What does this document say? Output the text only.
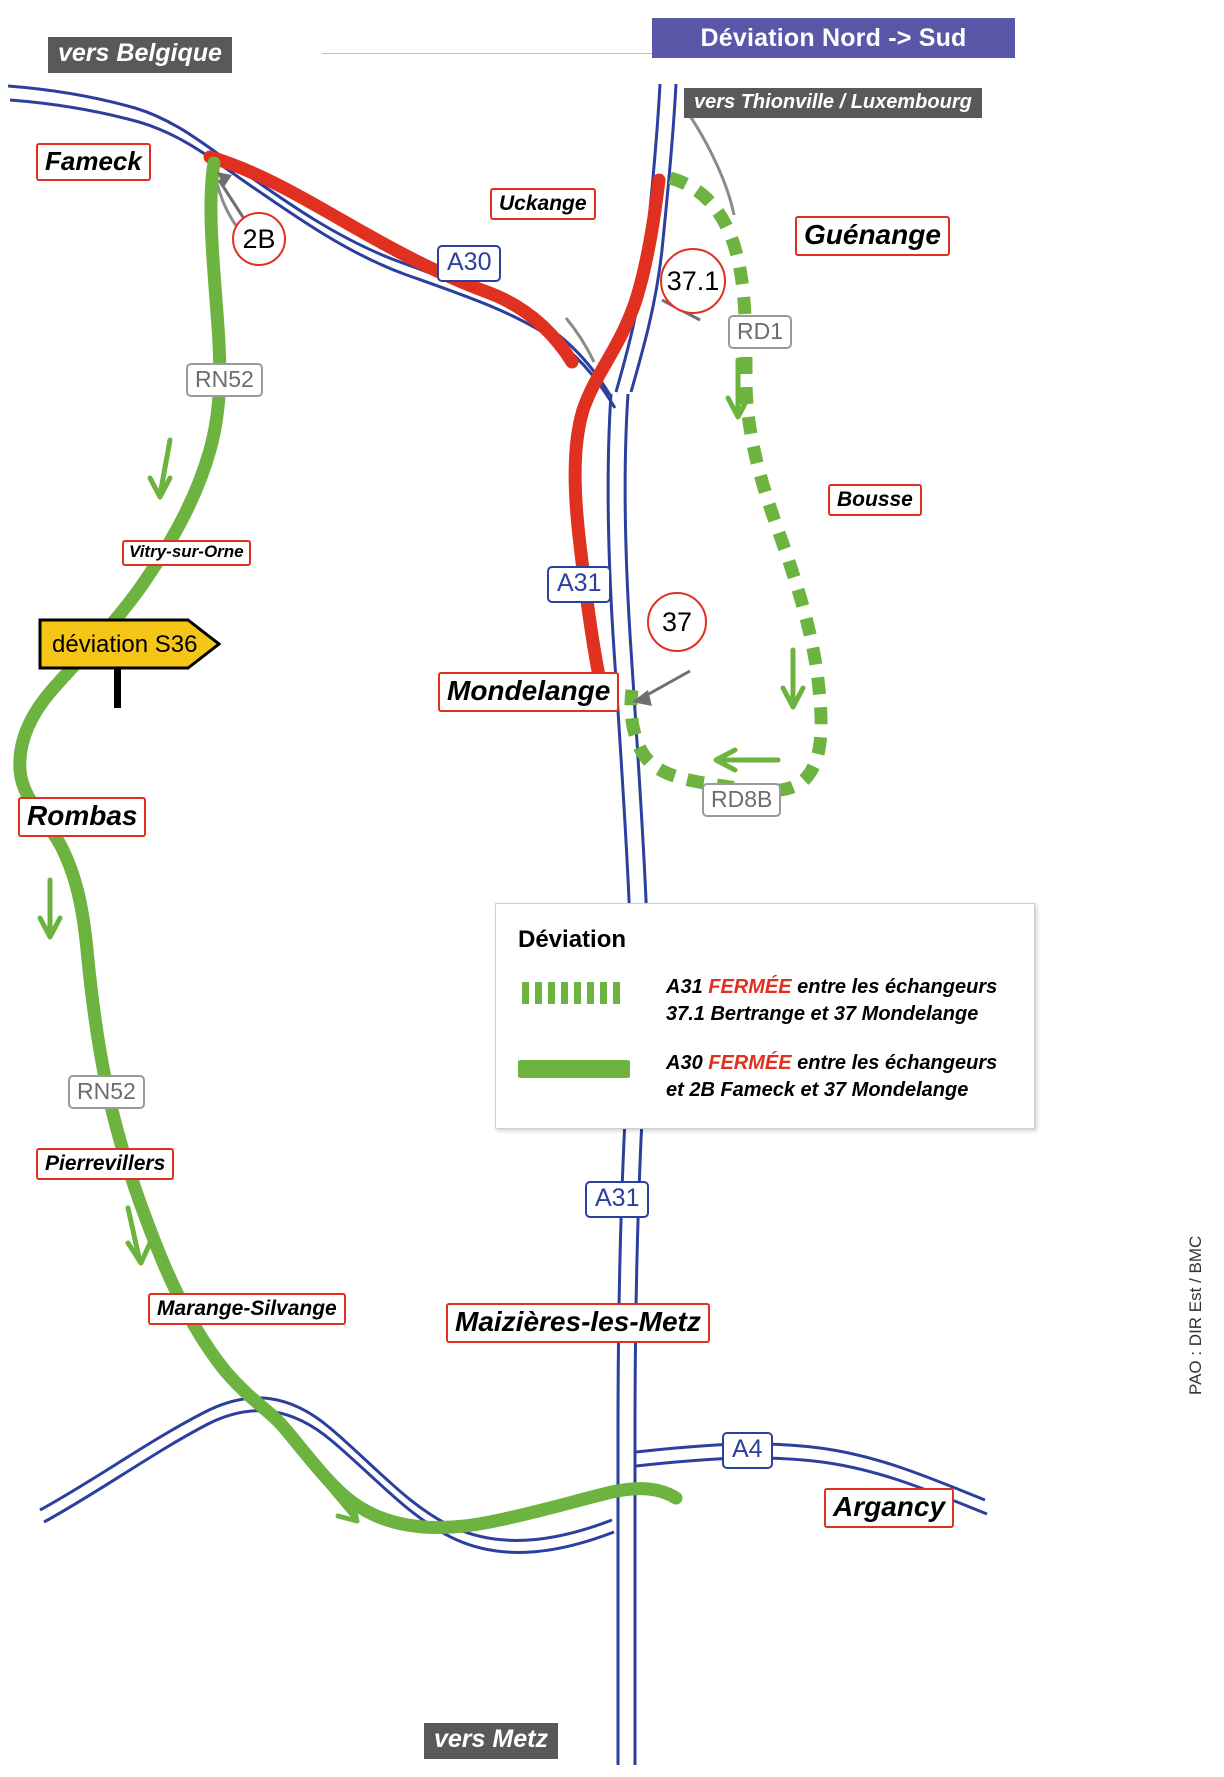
Déviation Nord -> Sud
vers Belgique
vers Thionville / Luxembourg
vers Metz
Fameck
Uckange
Guénange
Bousse
Vitry-sur-Orne
Mondelange
Rombas
Pierrevillers
Marange-Silvange	Maizières-les-Metz
Argancy
A30
A31
A31
A4
RN52
RN52
RD1
RD8B
2B
37.1
37
déviation S36
Déviation
A31 FERMÉE entre les échangeurs
37.1 Bertrange et 37 Mondelange
A30 FERMÉE entre les échangeurs
et 2B Fameck et 37 Mondelange
PAO : DIR Est / BMC
